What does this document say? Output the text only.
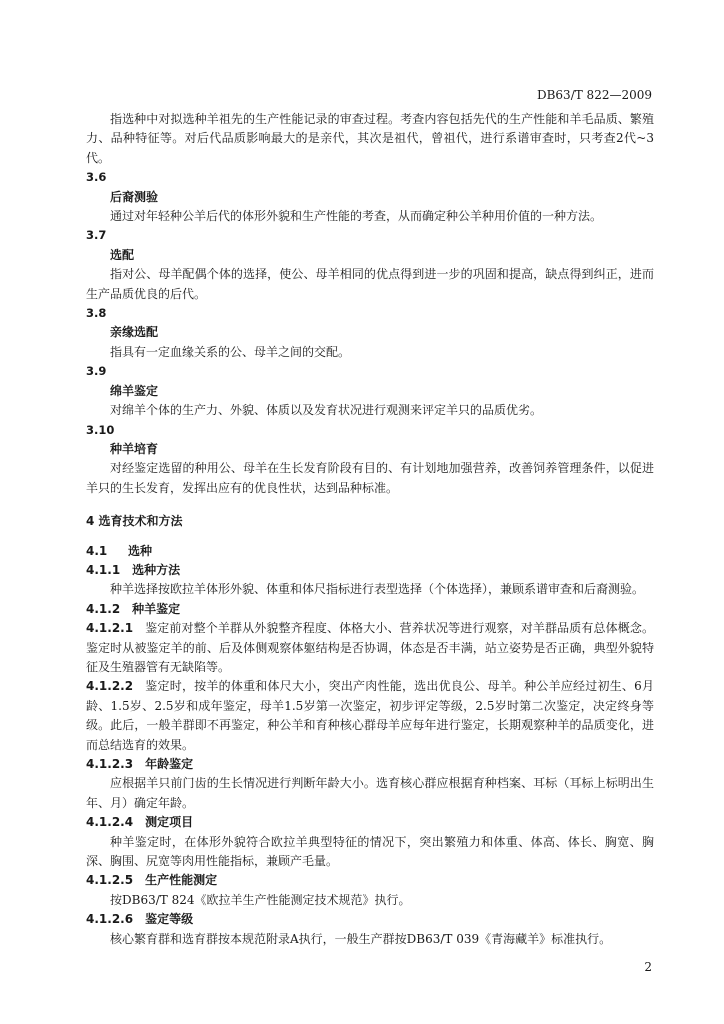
DB63/T 822—2009

指选种中对拟选种羊祖先的生产性能记录的审查过程。考查内容包括先代的生产性能和羊毛品质、繁殖力、品种特征等。对后代品质影响最大的是亲代，其次是祖代，曾祖代，进行系谱审查时，只考查2代~3代。

3.6

后裔测验

通过对年轻种公羊后代的体形外貌和生产性能的考查，从而确定种公羊种用价值的一种方法。

3.7

选配

指对公、母羊配偶个体的选择，使公、母羊相同的优点得到进一步的巩固和提高，缺点得到纠正，进而生产品质优良的后代。

3.8

亲缘选配

指具有一定血缘关系的公、母羊之间的交配。

3.9

绵羊鉴定

对绵羊个体的生产力、外貌、体质以及发育状况进行观测来评定羊只的品质优劣。

3.10

种羊培育

对经鉴定选留的种用公、母羊在生长发育阶段有目的、有计划地加强营养，改善饲养管理条件，以促进羊只的生长发育，发挥出应有的优良性状，达到品种标准。

4 选育技术和方法

4.1 选种

4.1.1 选种方法

种羊选择按欧拉羊体形外貌、体重和体尺指标进行表型选择（个体选择），兼顾系谱审查和后裔测验。

4.1.2 种羊鉴定

4.1.2.1 鉴定前对整个羊群从外貌整齐程度、体格大小、营养状况等进行观察，对羊群品质有总体概念。鉴定时从被鉴定羊的前、后及体侧观察体躯结构是否协调，体态是否丰满，站立姿势是否正确，典型外貌特征及生殖器管有无缺陷等。

4.1.2.2 鉴定时，按羊的体重和体尺大小，突出产肉性能，选出优良公、母羊。种公羊应经过初生、6月龄、1.5岁、2.5岁和成年鉴定，母羊1.5岁第一次鉴定，初步评定等级，2.5岁时第二次鉴定，决定终身等级。此后，一般羊群即不再鉴定，种公羊和育种核心群母羊应每年进行鉴定，长期观察种羊的品质变化，进而总结选育的效果。

4.1.2.3 年龄鉴定

应根据羊只前门齿的生长情况进行判断年龄大小。选育核心群应根据育种档案、耳标（耳标上标明出生年、月）确定年龄。

4.1.2.4 测定项目

种羊鉴定时，在体形外貌符合欧拉羊典型特征的情况下，突出繁殖力和体重、体高、体长、胸宽、胸深、胸围、尻宽等肉用性能指标，兼顾产毛量。

4.1.2.5 生产性能测定

按DB63/T 824《欧拉羊生产性能测定技术规范》执行。

4.1.2.6 鉴定等级

核心繁育群和选育群按本规范附录A执行，一般生产群按DB63/T 039《青海藏羊》标准执行。

2
